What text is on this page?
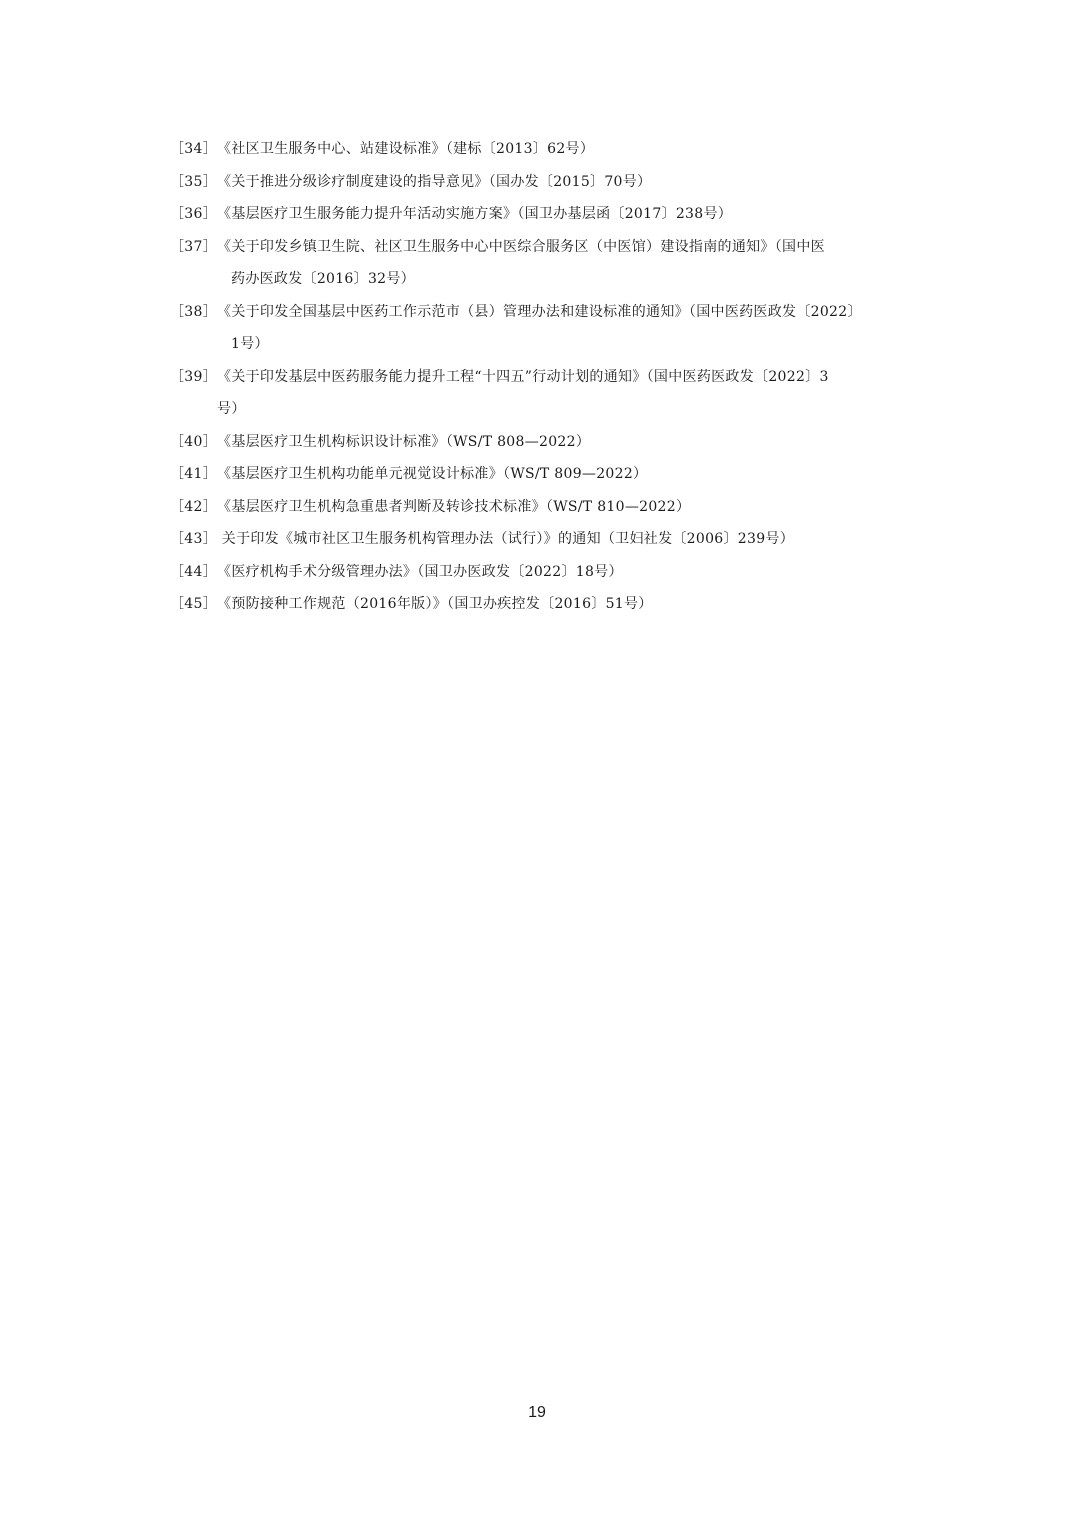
［34］ 《社区卫生服务中心、站建设标准》（建标〔2013〕62号）
［35］ 《关于推进分级诊疗制度建设的指导意见》（国办发〔2015〕70号）
［36］ 《基层医疗卫生服务能力提升年活动实施方案》（国卫办基层函〔2017〕238号）
［37］ 《关于印发乡镇卫生院、社区卫生服务中心中医综合服务区（中医馆）建设指南的通知》（国中医
药办医政发〔2016〕32号）
［38］ 《关于印发全国基层中医药工作示范市（县）管理办法和建设标准的通知》（国中医药医政发〔2022〕
1号）
［39］ 《关于印发基层中医药服务能力提升工程“十四五”行动计划的通知》（国中医药医政发〔2022〕3
号）
［40］ 《基层医疗卫生机构标识设计标准》（WS/T 808—2022）
［41］ 《基层医疗卫生机构功能单元视觉设计标准》（WS/T 809—2022）
［42］ 《基层医疗卫生机构急重患者判断及转诊技术标准》（WS/T 810—2022）
［43］ 关于印发《城市社区卫生服务机构管理办法（试行）》的通知（卫妇社发〔2006〕239号）
［44］ 《医疗机构手术分级管理办法》（国卫办医政发〔2022〕18号）
［45］ 《预防接种工作规范（2016年版）》（国卫办疾控发〔2016〕51号）
19
